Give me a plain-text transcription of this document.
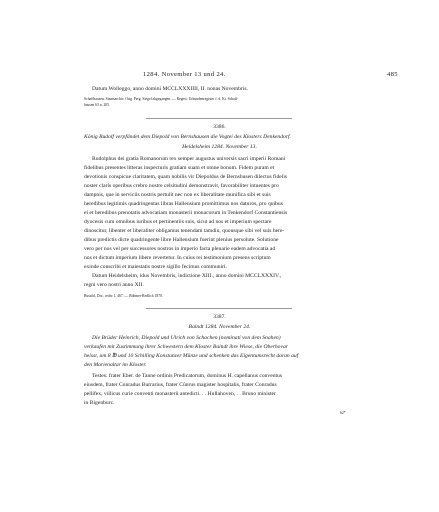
1284. November 13 und 24.	485
Datum Wolleggo, anno domini MCCLXXXIIII, II. nonas Novembris.
Schaffhausen. Staatsarchiv. Orig. Perg. Siegel abgegangen. — Regest: Urkundenregister f. d. Kt. Schaff-
hausen 63 n. 205.
3386.
König Rudolf verpfändet dem Diepold von Bernshausen die Vogtei des Klosters Denkendorf.
Heidelsheim 1284. November 13.
Rudolphus dei gratia Romanorum rex semper augustus universis sacri imperii Romani
fidelibus presentes litteras inspecturis gratiam suam et omne bonum. Fidem puram et
devotionis conspicue claritatem, quam nobilis vir Diepoldus de Bernshusen dilectus fidelis
noster claris operibus crebro nostre celsitudini demonstravit, favorabiliter intuentes pro
dampnis, que in serviciis nostris pertulit nec non ex liberalitate munifica sibi et suis
heredibus legitimis quadringentas libras Hallensium promittimus nos daturos, pro quibus
ei et heredibus prenotatis advocatiam monasterii monacorum in Tenkendorf Constantiensis
dyocesis cum omnibus iuribus et pertinentiis suis, sicut ad nos et imperium spectare
dinoscitur, libenter et liberaliter obligamus tenendam tamdiu, quousque sibi vel suis here-
dibus predictis dicte quadringente libre Hallensium fuerint plenius persolute. Solutione
vero per nos vel per successores nostros in imperio facta plenarie eadem advocatia ad
nos et dictum imperium libere revertetur. In cuius rei testimonium presens scriptum
exinde conscribi et maiestatis nostre sigillo fecimus communiri.
Datum Heidelsheim, idus Novembris, indictione XIII., anno domini MCCLXXXIV.,
regni vero nostri anno XII.
Bussild, Doc. rediv. I. 467. — Böhmer-Redlich 1870.
3387.
Baindt 1284. November 24.
Die Brüder Heinrich, Diepold und Ulrich von Schachen (nominati von dem Snahen)
verkaufen mit Zustimmung ihrer Schwestern dem Kloster Baindt ihre Wiese, die Oberhovar
heisst, um 8 ℔ und 10 Schilling Konstanzer Münze und schenken das Eigentumsrecht daran auf
den Marienaltar im Kloster.
Testes: frater Eber. de Tanne ordinis Predicatorum, dominus H. capellanus conventus
eiusdem, frater Conradus Burrarius, frater Cûnrus magister hospitalis, frater Conradus
pellifex, villicus curie conventi monasterii antedicti. . . Hullahoven, . . Bruno minister
in Bigenburc.
62*
